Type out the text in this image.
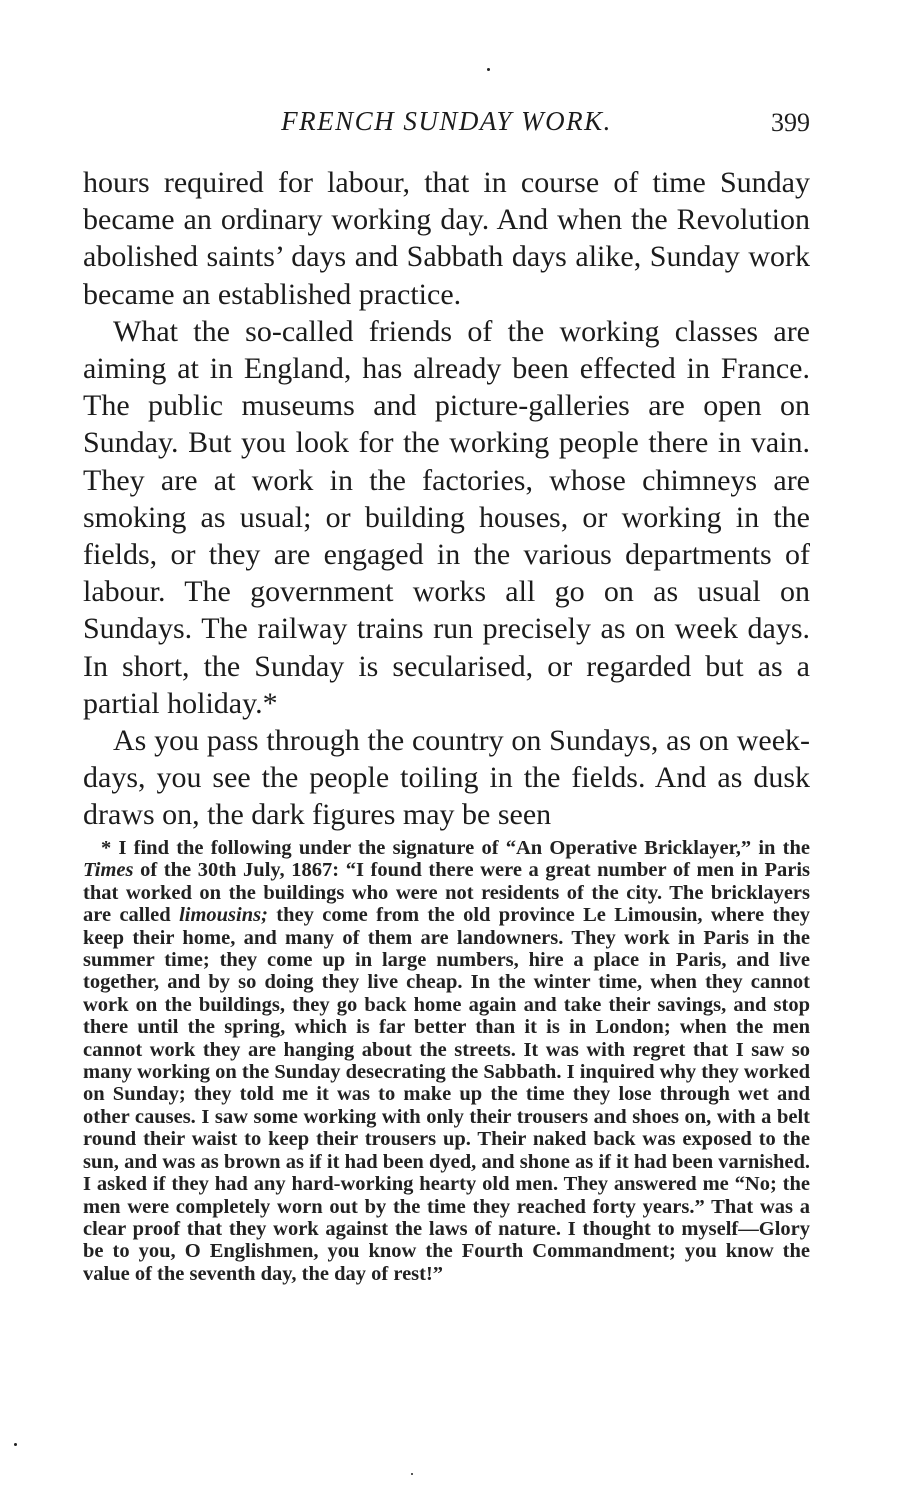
FRENCH SUNDAY WORK.	399

hours required for labour, that in course of time Sunday became an ordinary working day. And when the Revolution abolished saints’ days and Sabbath days alike, Sunday work became an established practice.

What the so-called friends of the working classes are aiming at in England, has already been effected in France. The public museums and picture-galleries are open on Sunday. But you look for the working people there in vain. They are at work in the factories, whose chimneys are smoking as usual; or building houses, or working in the fields, or they are engaged in the various departments of labour. The government works all go on as usual on Sundays. The railway trains run precisely as on week days. In short, the Sunday is secularised, or regarded but as a partial holiday.*

As you pass through the country on Sundays, as on week-days, you see the people toiling in the fields. And as dusk draws on, the dark figures may be seen

* I find the following under the signature of “An Operative Bricklayer,” in the Times of the 30th July, 1867: “I found there were a great number of men in Paris that worked on the buildings who were not residents of the city. The bricklayers are called limousins; they come from the old province Le Limousin, where they keep their home, and many of them are landowners. They work in Paris in the summer time; they come up in large numbers, hire a place in Paris, and live together, and by so doing they live cheap. In the winter time, when they cannot work on the buildings, they go back home again and take their savings, and stop there until the spring, which is far better than it is in London; when the men cannot work they are hanging about the streets. It was with regret that I saw so many working on the Sunday desecrating the Sabbath. I inquired why they worked on Sunday; they told me it was to make up the time they lose through wet and other causes. I saw some working with only their trousers and shoes on, with a belt round their waist to keep their trousers up. Their naked back was exposed to the sun, and was as brown as if it had been dyed, and shone as if it had been varnished. I asked if they had any hard-working hearty old men. They answered me “No; the men were completely worn out by the time they reached forty years.” That was a clear proof that they work against the laws of nature. I thought to myself—Glory be to you, O Englishmen, you know the Fourth Commandment; you know the value of the seventh day, the day of rest!”
